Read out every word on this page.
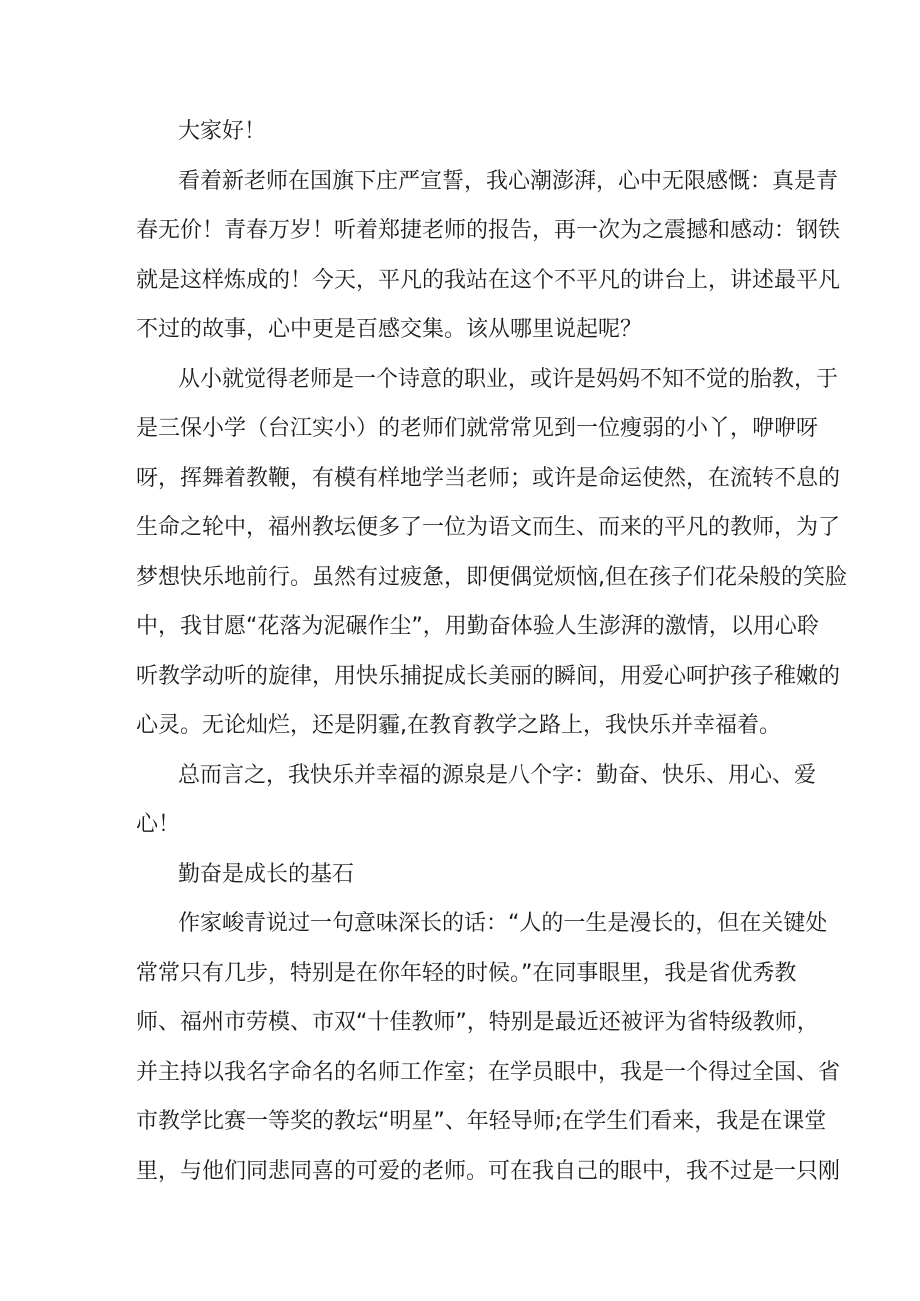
大家好！
看着新老师在国旗下庄严宣誓，我心潮澎湃，心中无限感慨：真是青
春无价！青春万岁！听着郑捷老师的报告，再一次为之震撼和感动：钢铁
就是这样炼成的！今天，平凡的我站在这个不平凡的讲台上，讲述最平凡
不过的故事，心中更是百感交集。该从哪里说起呢？
从小就觉得老师是一个诗意的职业，或许是妈妈不知不觉的胎教，于
是三保小学（台江实小）的老师们就常常见到一位瘦弱的小丫，咿咿呀
呀，挥舞着教鞭，有模有样地学当老师；或许是命运使然，在流转不息的
生命之轮中，福州教坛便多了一位为语文而生、而来的平凡的教师，为了
梦想快乐地前行。虽然有过疲惫，即便偶觉烦恼,但在孩子们花朵般的笑脸
中，我甘愿“花落为泥碾作尘”，用勤奋体验人生澎湃的激情，以用心聆
听教学动听的旋律，用快乐捕捉成长美丽的瞬间，用爱心呵护孩子稚嫩的
心灵。无论灿烂，还是阴霾,在教育教学之路上，我快乐并幸福着。
总而言之，我快乐并幸福的源泉是八个字：勤奋、快乐、用心、爱
心！
勤奋是成长的基石
作家峻青说过一句意味深长的话：“人的一生是漫长的，但在关键处
常常只有几步，特别是在你年轻的时候。”在同事眼里，我是省优秀教
师、福州市劳模、市双“十佳教师”，特别是最近还被评为省特级教师，
并主持以我名字命名的名师工作室；在学员眼中，我是一个得过全国、省
市教学比赛一等奖的教坛“明星”、年轻导师;在学生们看来，我是在课堂
里，与他们同悲同喜的可爱的老师。可在我自己的眼中，我不过是一只刚
